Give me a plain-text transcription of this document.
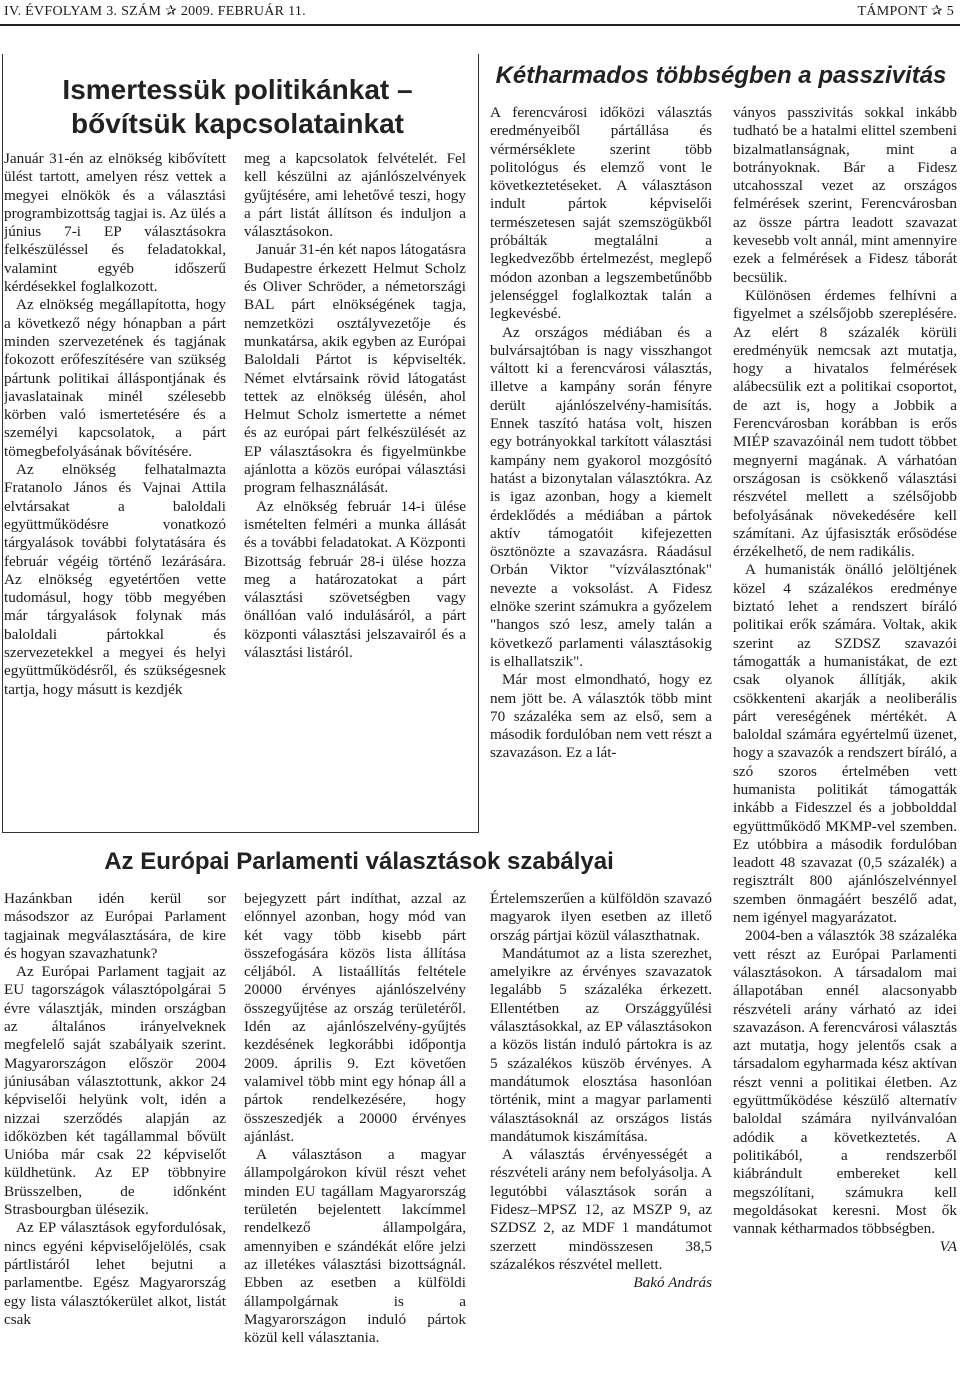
IV. ÉVFOLYAM 3. SZÁM ✰ 2009. FEBRUÁR 11.	TÁMPONT ✰ 5
Ismertessük politikánkat –
bővítsük kapcsolatainkat

Január 31-én az elnökség kibővített ülést tartott, amelyen rész vettek a megyei elnökök és a választási programbizottság tagjai is. Az ülés a június 7-i EP választásokra felkészüléssel és feladatokkal, valamint egyéb időszerű kérdésekkel foglalkozott.

Az elnökség megállapította, hogy a következő négy hónapban a párt minden szervezetének és tagjának fokozott erőfeszítésére van szükség pártunk politikai álláspontjának és javaslatainak minél szélesebb körben való ismertetésére és a személyi kapcsolatok, a párt tömegbefolyásának bővítésére.

Az elnökség felhatalmazta Fratanolo János és Vajnai Attila elvtársakat a baloldali együttműködésre vonatkozó tárgyalások további folytatására és február végéig történő lezárására. Az elnökség egyetértően vette tudomásul, hogy több megyében már tárgyalások folynak más baloldali pártokkal és szervezetekkel a megyei és helyi együttműködésről, és szükségesnek tartja, hogy másutt is kezdjék

meg a kapcsolatok felvételét. Fel kell készülni az ajánlószelvények gyűjtésére, ami lehetővé teszi, hogy a párt listát állítson és induljon a választásokon.

Január 31-én két napos látogatásra Budapestre érkezett Helmut Scholz és Oliver Schröder, a németországi BAL párt elnökségének tagja, nemzetközi osztályvezetője és munkatársa, akik egyben az Európai Baloldali Pártot is képviselték. Német elvtársaink rövid látogatást tettek az elnökség ülésén, ahol Helmut Scholz ismertette a német és az európai párt felkészülését az EP választásokra és figyelmünkbe ajánlotta a közös európai választási program felhasználását.

Az elnökség február 14-i ülése ismételten felméri a munka állását és a további feladatokat. A Központi Bizottság február 28-i ülése hozza meg a határozatokat a párt választási szövetségben vagy önállóan való indulásáról, a párt központi választási jelszavairól és a választási listáról.

Kétharmados többségben a passzivitás

A ferencvárosi időközi választás eredményeiből pártállása és vérmérséklete szerint több politológus és elemző vont le következtetéseket. A választáson indult pártok képviselői természetesen saját szemszögükből próbálták megtalálni a legkedvezőbb értelmezést, meglepő módon azonban a legszembetűnőbb jelenséggel foglalkoztak talán a legkevésbé.

Az országos médiában és a bulvársajtóban is nagy visszhangot váltott ki a ferencvárosi választás, illetve a kampány során fényre derült ajánlószelvény-hamisítás. Ennek taszító hatása volt, hiszen egy botrányokkal tarkított választási kampány nem gyakorol mozgósító hatást a bizonytalan választókra. Az is igaz azonban, hogy a kiemelt érdeklődés a médiában a pártok aktív támogatóit kifejezetten ösztönözte a szavazásra. Ráadásul Orbán Viktor "vízválasztónak" nevezte a voksolást. A Fidesz elnöke szerint számukra a győzelem "hangos szó lesz, amely talán a következő parlamenti választásokig is elhallatszik".

Már most elmondható, hogy ez nem jött be. A választók több mint 70 százaléka sem az első, sem a második fordulóban nem vett részt a szavazáson. Ez a lát-

ványos passzivitás sokkal inkább tudható be a hatalmi elittel szembeni bizalmatlanságnak, mint a botrányoknak. Bár a Fidesz utcahosszal vezet az országos felmérések szerint, Ferencvárosban az össze pártra leadott szavazat kevesebb volt annál, mint amennyire ezek a felmérések a Fidesz táborát becsülik.

Különösen érdemes felhívni a figyelmet a szélsőjobb szereplésére. Az elért 8 százalék körüli eredményük nemcsak azt mutatja, hogy a hivatalos felmérések alábecsülik ezt a politikai csoportot, de azt is, hogy a Jobbik a Ferencvárosban korábban is erős MIÉP szavazóinál nem tudott többet megnyerni magának. A várhatóan országosan is csökkenő választási részvétel mellett a szélsőjobb befolyásának növekedésére kell számítani. Az újfasiszták erősödése érzékelhető, de nem radikális.

A humanisták önálló jelöltjének közel 4 százalékos eredménye biztató lehet a rendszert bíráló politikai erők számára. Voltak, akik szerint az SZDSZ szavazói támogatták a humanistákat, de ezt csak olyanok állítják, akik csökkenteni akarják a neoliberális párt vereségének mértékét. A baloldal számára egyértelmű üzenet, hogy a szavazók a rendszert bíráló, a szó szoros értelmében vett humanista politikát támogatták inkább a Fideszzel és a jobbolddal együttműködő MKMP-vel szemben. Ez utóbbira a második fordulóban leadott 48 szavazat (0,5 százalék) a regisztrált 800 ajánlószelvénnyel szemben önmagáért beszélő adat, nem igényel magyarázatot.

2004-ben a választók 38 százaléka vett részt az Európai Parlamenti választásokon. A társadalom mai állapotában ennél alacsonyabb részvételi arány várható az idei szavazáson. A ferencvárosi választás azt mutatja, hogy jelentős csak a társadalom egyharmada kész aktívan részt venni a politikai életben. Az együttműködése készülő alternatív baloldal számára nyilvánvalóan adódik a következtetés. A politikából, a rendszerből kiábrándult embereket kell megszólítani, számukra kell megoldásokat keresni. Most ők vannak kétharmados többségben.

VA

Az Európai Parlamenti választások szabályai

Hazánkban idén kerül sor másodszor az Európai Parlament tagjainak megválasztására, de kire és hogyan szavazhatunk?

Az Európai Parlament tagjait az EU tagországok választópolgárai 5 évre választják, minden országban az általános irányelveknek megfelelő saját szabályaik szerint. Magyarországon először 2004 júniusában választottunk, akkor 24 képviselői helyünk volt, idén a nizzai szerződés alapján az időközben két tagállammal bővült Unióba már csak 22 képviselőt küldhetünk. Az EP többnyire Brüsszelben, de időnként Strasbourgban ülésezik.

Az EP választások egyfordulósak, nincs egyéni képviselőjelölés, csak pártlistáról lehet bejutni a parlamentbe. Egész Magyarország egy lista választókerület alkot, listát csak

bejegyzett párt indíthat, azzal az előnnyel azonban, hogy mód van két vagy több kisebb párt összefogására közös lista állítása céljából. A listaállítás feltétele 20000 érvényes ajánlószelvény összegyűjtése az ország területéről. Idén az ajánlószelvény-gyűjtés kezdésének legkorábbi időpontja 2009. április 9. Ezt követően valamivel több mint egy hónap áll a pártok rendelkezésére, hogy összeszedjék a 20000 érvényes ajánlást.

A választáson a magyar állampolgárokon kívül részt vehet minden EU tagállam Magyarország területén bejelentett lakcímmel rendelkező állampolgára, amennyiben e szándékát előre jelzi az illetékes választási bizottságnál. Ebben az esetben a külföldi állampolgárnak is a Magyarországon induló pártok közül kell választania.

Értelemszerűen a külföldön szavazó magyarok ilyen esetben az illető ország pártjai közül választhatnak.

Mandátumot az a lista szerezhet, amelyikre az érvényes szavazatok legalább 5 százaléka érkezett. Ellentétben az Országgyűlési választásokkal, az EP választásokon a közös listán induló pártokra is az 5 százalékos küszöb érvényes. A mandátumok elosztása hasonlóan történik, mint a magyar parlamenti választásoknál az országos listás mandátumok kiszámítása.

A választás érvényességét a részvételi arány nem befolyásolja. A legutóbbi választások során a Fidesz–MPSZ 12, az MSZP 9, az SZDSZ 2, az MDF 1 mandátumot szerzett mindösszesen 38,5 százalékos részvétel mellett.

Bakó András
